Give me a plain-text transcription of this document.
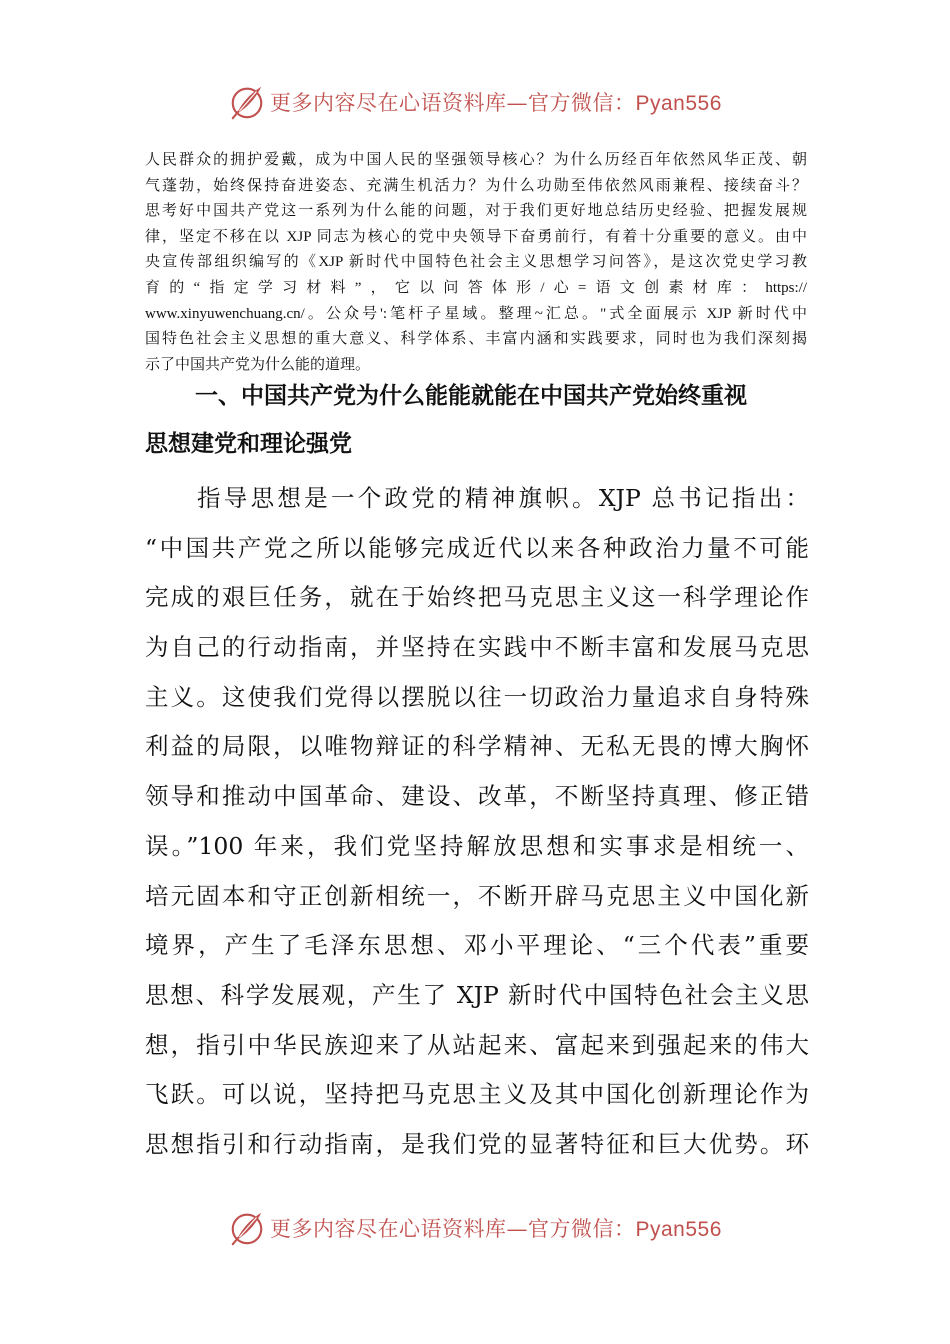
更多内容尽在心语资料库—官方微信：Pyan556
人民群众的拥护爱戴，成为中国人民的坚强领导核心？为什么历经百年依然风华正茂、朝
气蓬勃，始终保持奋进姿态、充满生机活力？为什么功勋至伟依然风雨兼程、接续奋斗？
思考好中国共产党这一系列为什么能的问题，对于我们更好地总结历史经验、把握发展规
律，坚定不移在以 XJP 同志为核心的党中央领导下奋勇前行，有着十分重要的意义。由中
央宣传部组织编写的《XJP 新时代中国特色社会主义思想学习问答》，是这次党史学习教
育的“指定学习材料”，它以问答体形/心=语文创素材库：https://
www.xinyuwenchuang.cn/。公众号':笔杆子星域。整理~汇总。"式全面展示 XJP 新时代中
国特色社会主义思想的重大意义、科学体系、丰富内涵和实践要求，同时也为我们深刻揭
示了中国共产党为什么能的道理。
一、中国共产党为什么能能就能在中国共产党始终重视
思想建党和理论强党
指导思想是一个政党的精神旗帜。XJP 总书记指出：
“中国共产党之所以能够完成近代以来各种政治力量不可能
完成的艰巨任务，就在于始终把马克思主义这一科学理论作
为自己的行动指南，并坚持在实践中不断丰富和发展马克思
主义。这使我们党得以摆脱以往一切政治力量追求自身特殊
利益的局限，以唯物辩证的科学精神、无私无畏的博大胸怀
领导和推动中国革命、建设、改革，不断坚持真理、修正错
误。”100 年来，我们党坚持解放思想和实事求是相统一、
培元固本和守正创新相统一，不断开辟马克思主义中国化新
境界，产生了毛泽东思想、邓小平理论、“三个代表”重要
思想、科学发展观，产生了 XJP 新时代中国特色社会主义思
想，指引中华民族迎来了从站起来、富起来到强起来的伟大
飞跃。可以说，坚持把马克思主义及其中国化创新理论作为
思想指引和行动指南，是我们党的显著特征和巨大优势。环
更多内容尽在心语资料库—官方微信：Pyan556
